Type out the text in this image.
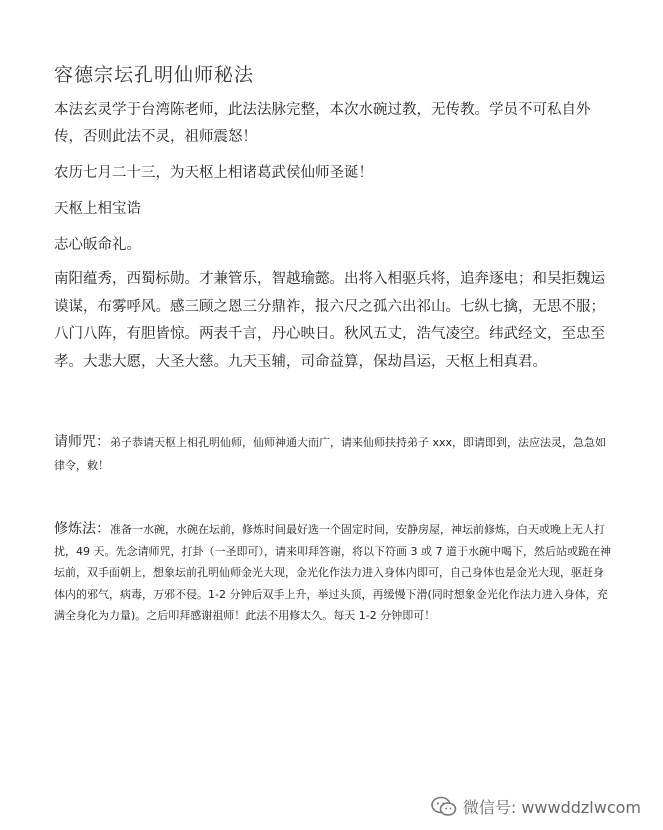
容德宗坛孔明仙师秘法

本法玄灵学于台湾陈老师，此法法脉完整，本次水碗过教，无传教。学员不可私自外传，否则此法不灵，祖师震怒！

农历七月二十三，为天枢上相诸葛武侯仙师圣诞！

天枢上相宝诰

志心皈命礼。

南阳蕴秀，西蜀标勋。才兼管乐，智越瑜懿。出将入相驱兵将，追奔逐电；和吴拒魏运谟谋，布雾呼风。感三顾之恩三分鼎祚，报六尺之孤六出祁山。七纵七擒，无思不服；八门八阵，有胆皆惊。两表千言，丹心映日。秋风五丈，浩气凌空。纬武经文，至忠至孝。大悲大愿，大圣大慈。九天玉辅，司命益算，保劫昌运，天枢上相真君。

请师咒：弟子恭请天枢上相孔明仙师，仙师神通大而广，请来仙师扶持弟子 xxx，即请即到，法应法灵，急急如律令，敕！

修炼法：准备一水碗，水碗在坛前，修炼时间最好选一个固定时间，安静房屋，神坛前修炼，白天或晚上无人打扰，49 天。先念请师咒，打卦（一圣即可），请来叩拜答谢，将以下符画 3 或 7 道于水碗中喝下，然后站或跪在神坛前，双手面朝上，想象坛前孔明仙师金光大现，金光化作法力进入身体内即可，自己身体也是金光大现，驱赶身体内的邪气，病毒，万邪不侵。1-2 分钟后双手上升，举过头顶，再缓慢下滑(同时想象金光化作法力进入身体，充满全身化为力量)。之后叩拜感谢祖师！此法不用修太久。每天 1-2 分钟即可！

微信号: wwwddzlwcom
